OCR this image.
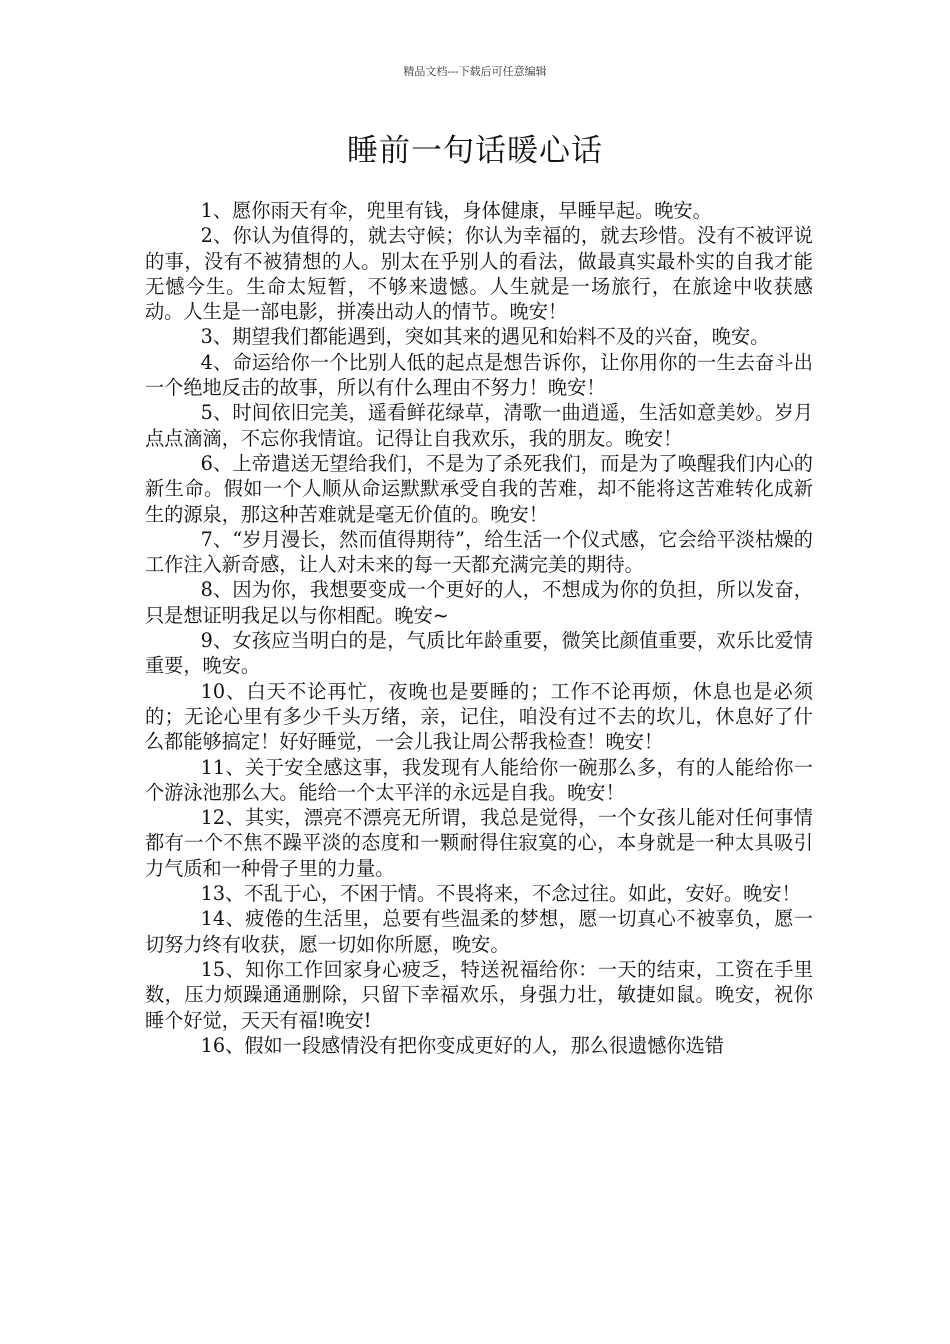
精品文档---下载后可任意编辑
睡前一句话暖心话

1、愿你雨天有伞，兜里有钱，身体健康，早睡早起。晚安。

2、你认为值得的，就去守候；你认为幸福的，就去珍惜。没有不被评说的事，没有不被猜想的人。别太在乎别人的看法，做最真实最朴实的自我才能无憾今生。生命太短暂，不够来遗憾。人生就是一场旅行，在旅途中收获感动。人生是一部电影，拼凑出动人的情节。晚安！

3、期望我们都能遇到，突如其来的遇见和始料不及的兴奋，晚安。

4、命运给你一个比别人低的起点是想告诉你，让你用你的一生去奋斗出一个绝地反击的故事，所以有什么理由不努力！晚安！

5、时间依旧完美，遥看鲜花绿草，清歌一曲逍遥，生活如意美妙。岁月点点滴滴，不忘你我情谊。记得让自我欢乐，我的朋友。晚安！

6、上帝遣送无望给我们，不是为了杀死我们，而是为了唤醒我们内心的新生命。假如一个人顺从命运默默承受自我的苦难，却不能将这苦难转化成新生的源泉，那这种苦难就是毫无价值的。晚安！

7、“岁月漫长，然而值得期待”，给生活一个仪式感，它会给平淡枯燥的工作注入新奇感，让人对未来的每一天都充满完美的期待。

8、因为你，我想要变成一个更好的人，不想成为你的负担，所以发奋，只是想证明我足以与你相配。晚安~

9、女孩应当明白的是，气质比年龄重要，微笑比颜值重要，欢乐比爱情重要，晚安。

10、白天不论再忙，夜晚也是要睡的；工作不论再烦，休息也是必须的；无论心里有多少千头万绪，亲，记住，咱没有过不去的坎儿，休息好了什么都能够搞定！好好睡觉，一会儿我让周公帮我检查！晚安！

11、关于安全感这事，我发现有人能给你一碗那么多，有的人能给你一个游泳池那么大。能给一个太平洋的永远是自我。晚安！

12、其实，漂亮不漂亮无所谓，我总是觉得，一个女孩儿能对任何事情都有一个不焦不躁平淡的态度和一颗耐得住寂寞的心，本身就是一种太具吸引力气质和一种骨子里的力量。

13、不乱于心，不困于情。不畏将来，不念过往。如此，安好。晚安！

14、疲倦的生活里，总要有些温柔的梦想，愿一切真心不被辜负，愿一切努力终有收获，愿一切如你所愿，晚安。

15、知你工作回家身心疲乏，特送祝福给你：一天的结束，工资在手里数，压力烦躁通通删除，只留下幸福欢乐，身强力壮，敏捷如鼠。晚安，祝你睡个好觉，天天有福!晚安!

16、假如一段感情没有把你变成更好的人，那么很遗憾你选错
